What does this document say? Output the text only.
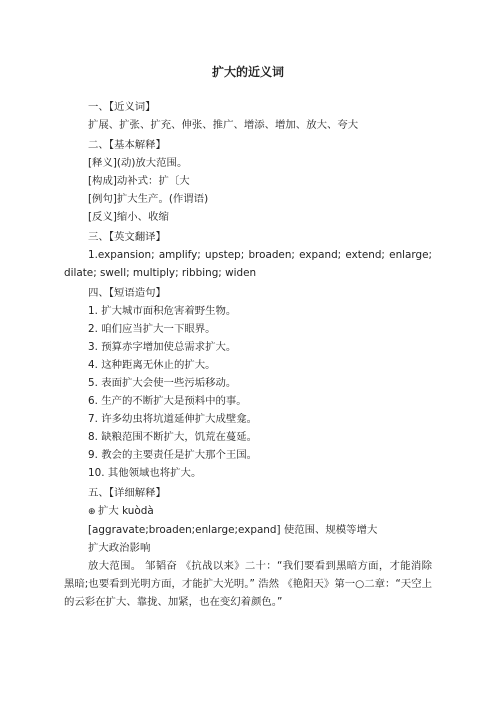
扩大的近义词
一、【近义词】
扩展、扩张、扩充、伸张、推广、增添、增加、放大、夸大
二、【基本解释】
[释义](动)放大范围。
[构成]动补式：扩〔大
[例句]扩大生产。(作谓语)
[反义]缩小、收缩
三、【英文翻译】

1.expansion; amplify; upstep; broaden; expand; extend; enlarge; dilate; swell; multiply; ribbing; widen

四、【短语造句】
1. 扩大城市面积危害着野生物。
2. 咱们应当扩大一下眼界。
3. 预算赤字增加使总需求扩大。
4. 这种距离无休止的扩大。
5. 表面扩大会使一些污垢移动。
6. 生产的不断扩大是预料中的事。
7. 许多幼虫将坑道延伸扩大成壁龛。
8. 缺粮范围不断扩大，饥荒在蔓延。
9. 教会的主要责任是扩大那个王国。
10. 其他领域也将扩大。
五、【详细解释】
⊕ 扩大 kuòdà
[aggravate;broaden;enlarge;expand] 使范围、规模等增大
扩大政治影响

放大范围。 邹韬奋 《抗战以来》二十：“我们要看到黑暗方面，才能消除黑暗;也要看到光明方面，才能扩大光明。” 浩然 《艳阳天》第一○二章：“天空上的云彩在扩大、靠拢、加紧，也在变幻着颜色。”
